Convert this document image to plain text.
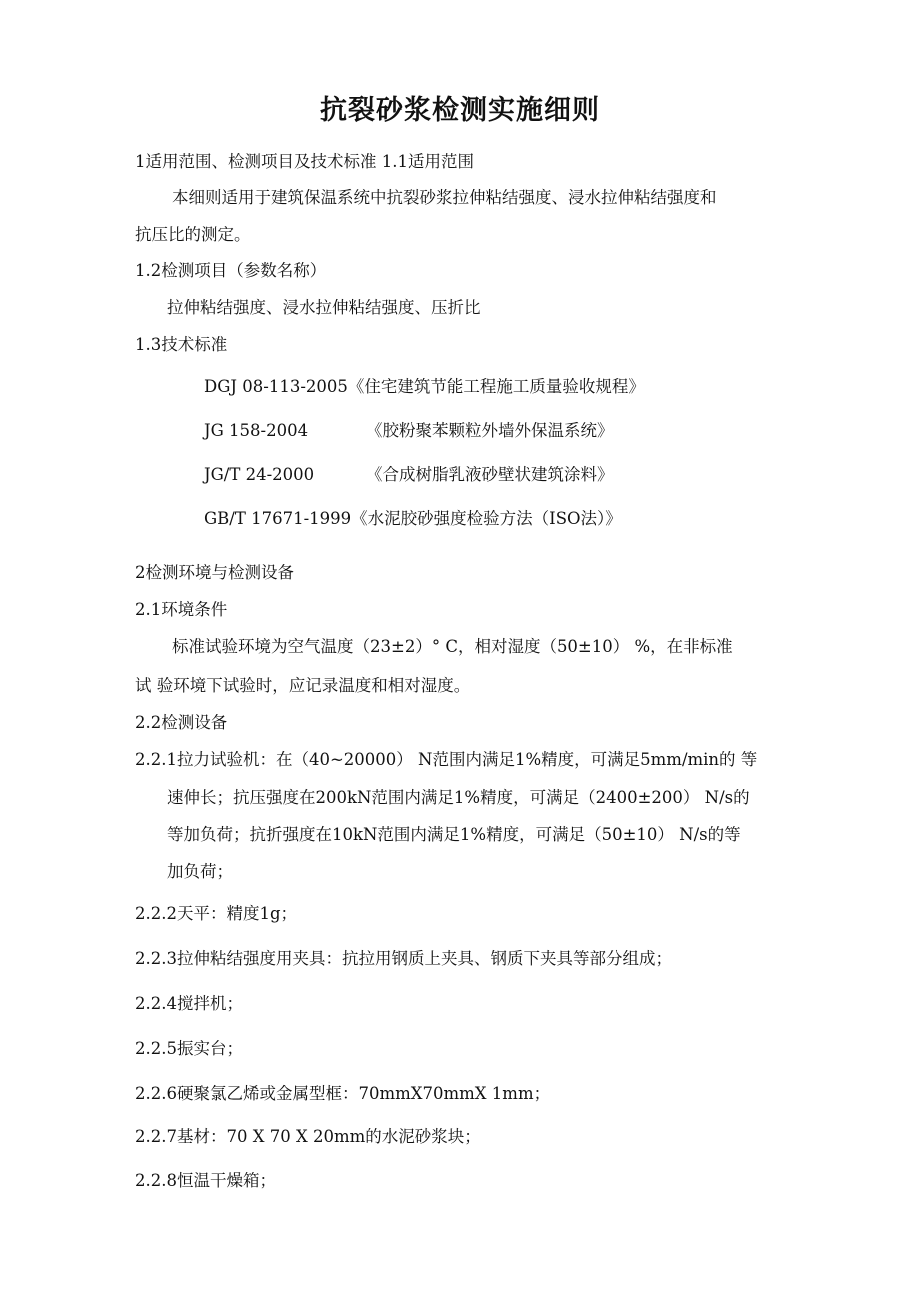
抗裂砂浆检测实施细则
1适用范围、检测项目及技术标准 1.1适用范围
本细则适用于建筑保温系统中抗裂砂浆拉伸粘结强度、浸水拉伸粘结强度和
抗压比的测定。
1.2检测项目（参数名称）
拉伸粘结强度、浸水拉伸粘结强度、压折比
1.3技术标准
DGJ 08-113-2005《住宅建筑节能工程施工质量验收规程》
JG 158-2004	《胶粉聚苯颗粒外墙外保温系统》
JG/T 24-2000	《合成树脂乳液砂壁状建筑涂料》
GB/T 17671-1999《水泥胶砂强度检验方法（ISO法）》
2检测环境与检测设备
2.1环境条件
标准试验环境为空气温度（23±2）° C，相对湿度（50±10） %，在非标准
试 验环境下试验时，应记录温度和相对湿度。
2.2检测设备
2.2.1拉力试验机：在（40~20000） N范围内满足1%精度，可满足5mm/min的 等
速伸长；抗压强度在200kN范围内满足1%精度，可满足（2400±200） N/s的
等加负荷；抗折强度在10kN范围内满足1%精度，可满足（50±10） N/s的等
加负荷；
2.2.2天平：精度1g；
2.2.3拉伸粘结强度用夹具：抗拉用钢质上夹具、钢质下夹具等部分组成；
2.2.4搅拌机；
2.2.5振实台；
2.2.6硬聚氯乙烯或金属型框：70mmX70mmX 1mm；
2.2.7基材：70 X 70 X 20mm的水泥砂浆块；
2.2.8恒温干燥箱；
